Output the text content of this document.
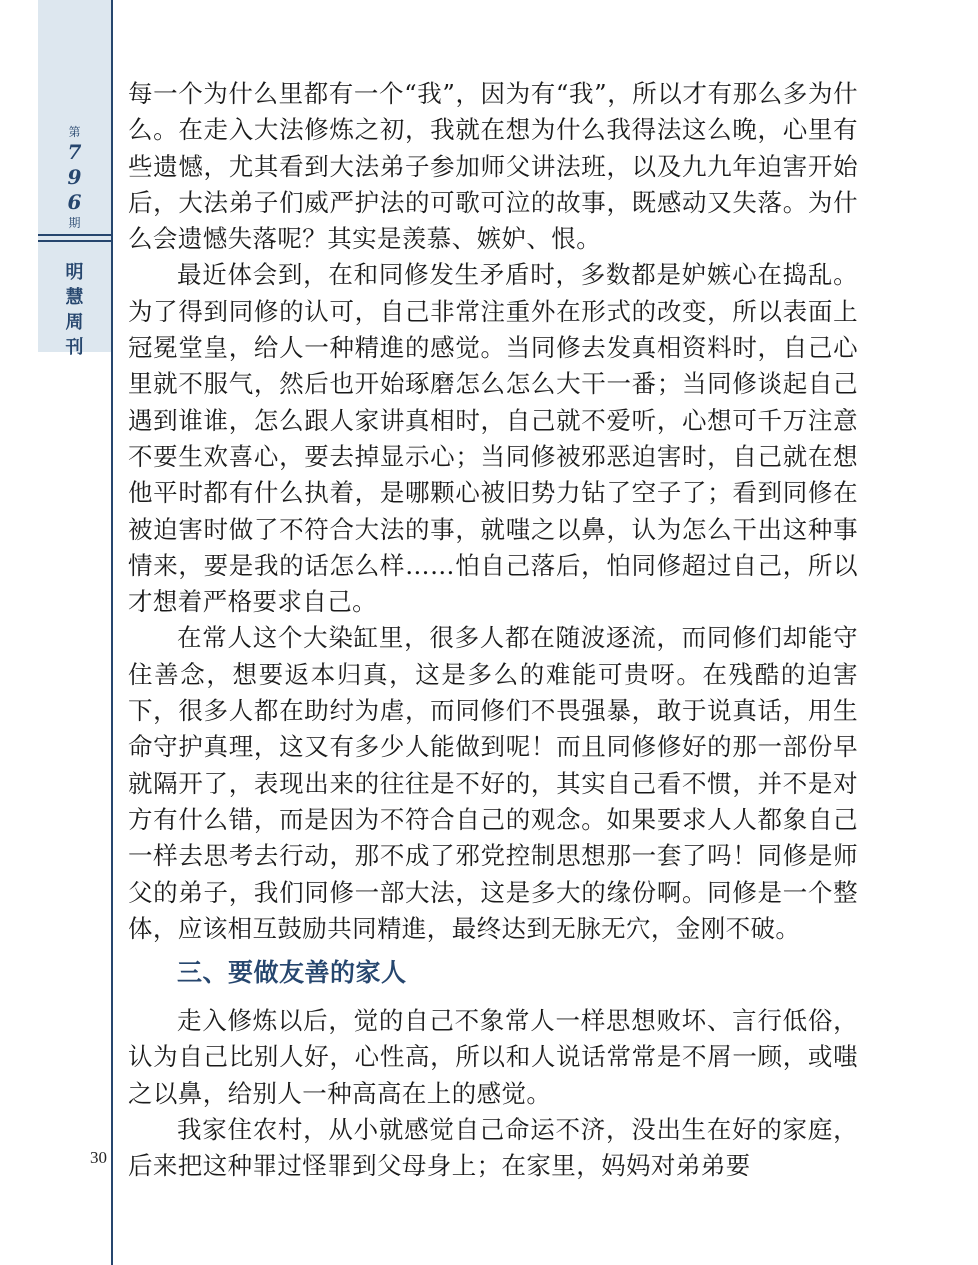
第
7
9
6
期
明
慧
周
刊
30

每一个为什么里都有一个“我”，因为有“我”，所以才有那么多为什么。在走入大法修炼之初，我就在想为什么我得法这么晚，心里有些遗憾，尤其看到大法弟子参加师父讲法班，以及九九年迫害开始后，大法弟子们威严护法的可歌可泣的故事，既感动又失落。为什么会遗憾失落呢？其实是羡慕、嫉妒、恨。

最近体会到，在和同修发生矛盾时，多数都是妒嫉心在捣乱。为了得到同修的认可，自己非常注重外在形式的改变，所以表面上冠冕堂皇，给人一种精進的感觉。当同修去发真相资料时，自己心里就不服气，然后也开始琢磨怎么怎么大干一番；当同修谈起自己遇到谁谁，怎么跟人家讲真相时，自己就不爱听，心想可千万注意不要生欢喜心，要去掉显示心；当同修被邪恶迫害时，自己就在想他平时都有什么执着，是哪颗心被旧势力钻了空子了；看到同修在被迫害时做了不符合大法的事，就嗤之以鼻，认为怎么干出这种事情来，要是我的话怎么样……怕自己落后，怕同修超过自己，所以才想着严格要求自己。

在常人这个大染缸里，很多人都在随波逐流，而同修们却能守住善念，想要返本归真，这是多么的难能可贵呀。在残酷的迫害下，很多人都在助纣为虐，而同修们不畏强暴，敢于说真话，用生命守护真理，这又有多少人能做到呢！而且同修修好的那一部份早就隔开了，表现出来的往往是不好的，其实自己看不惯，并不是对方有什么错，而是因为不符合自己的观念。如果要求人人都象自己一样去思考去行动，那不成了邪党控制思想那一套了吗！同修是师父的弟子，我们同修一部大法，这是多大的缘份啊。同修是一个整体，应该相互鼓励共同精進，最终达到无脉无穴，金刚不破。

三、要做友善的家人

走入修炼以后，觉的自己不象常人一样思想败坏、言行低俗，认为自己比别人好，心性高，所以和人说话常常是不屑一顾，或嗤之以鼻，给别人一种高高在上的感觉。

我家住农村，从小就感觉自己命运不济，没出生在好的家庭，后来把这种罪过怪罪到父母身上；在家里，妈妈对弟弟要
